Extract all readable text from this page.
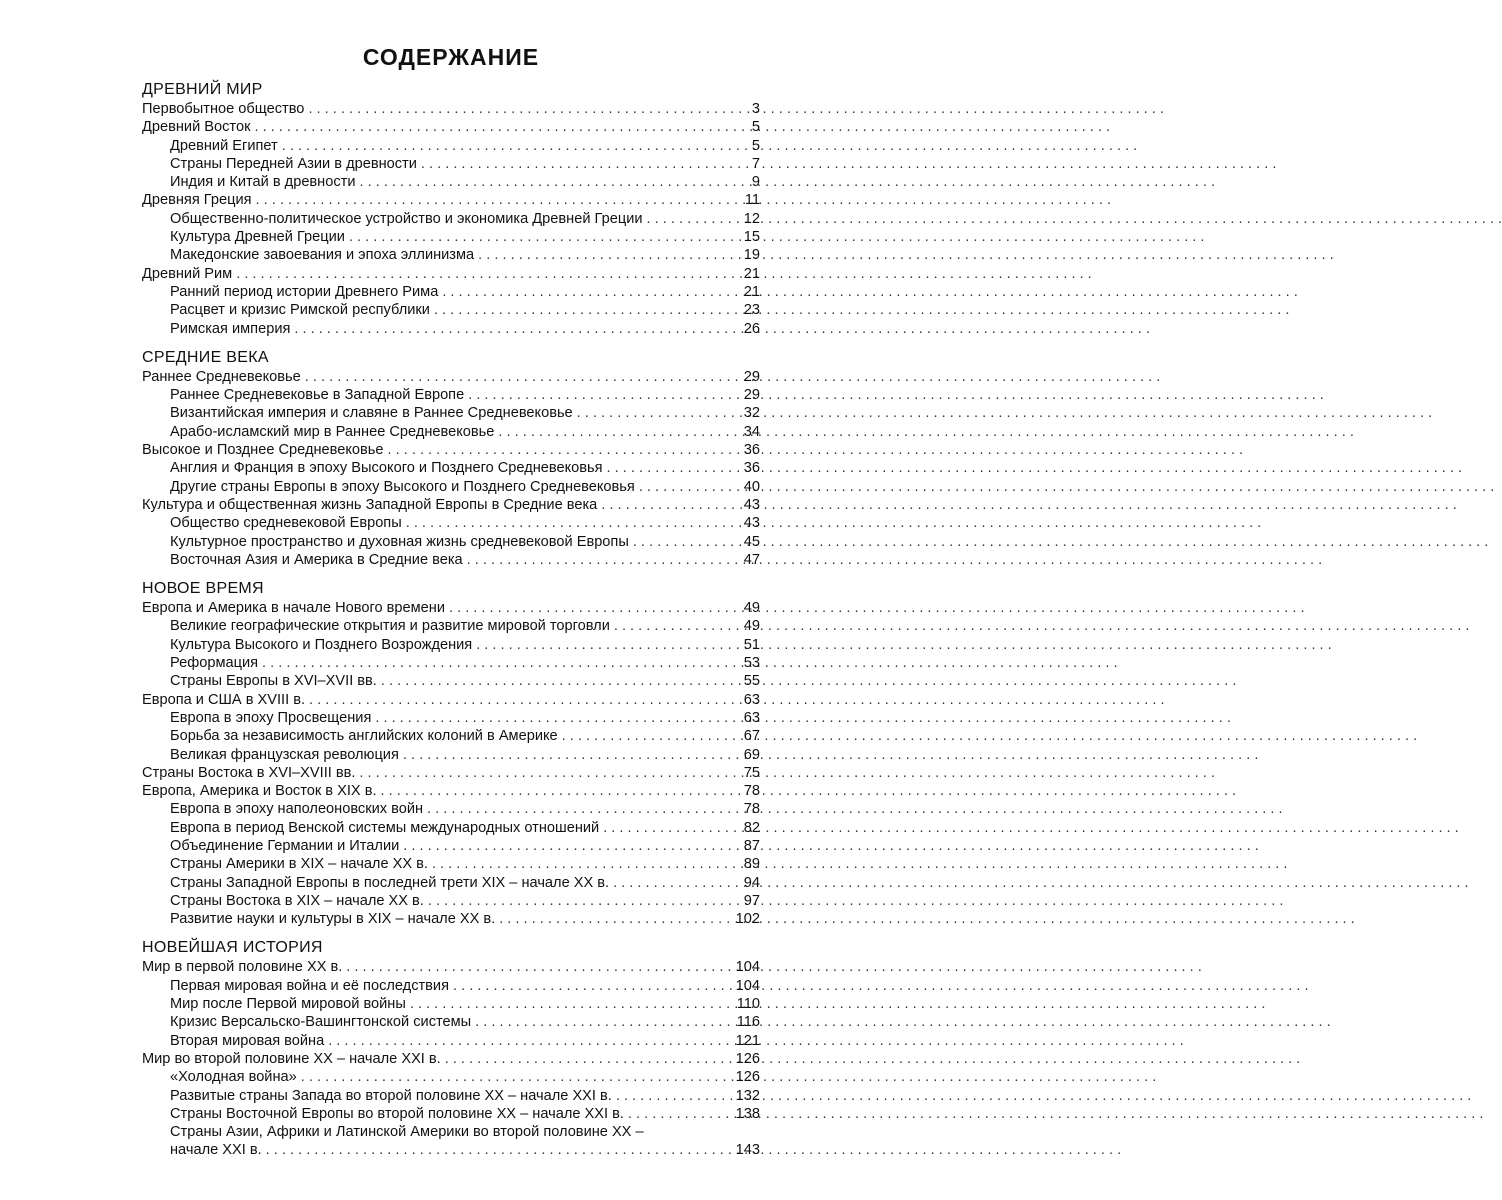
СОДЕРЖАНИЕ
ДРЕВНИЙ МИР
Первобытное общество . . .	3
Древний Восток . . .	5
Древний Египет . . .	5
Страны Передней Азии в древности . . .	7
Индия и Китай в древности . . .	9
Древняя Греция . . .	11
Общественно-политическое устройство и экономика Древней Греции . . .	12
Культура Древней Греции . . .	15
Македонские завоевания и эпоха эллинизма . . .	19
Древний Рим . . .	21
Ранний период истории Древнего Рима . . .	21
Расцвет и кризис Римской республики . . .	23
Римская империя . . .	26
СРЕДНИЕ ВЕКА
Раннее Средневековье . . .	29
Раннее Средневековье в Западной Европе . . .	29
Византийская империя и славяне в Раннее Средневековье . . .	32
Арабо-исламский мир в Раннее Средневековье . . .	34
Высокое и Позднее Средневековье . . .	36
Англия и Франция в эпоху Высокого и Позднего Средневековья . . .	36
Другие страны Европы в эпоху Высокого и Позднего Средневековья . . .	40
Культура и общественная жизнь Западной Европы в Средние века . . .	43
Общество средневековой Европы . . .	43
Культурное пространство и духовная жизнь средневековой Европы . . .	45
Восточная Азия и Америка в Средние века . . .	47
НОВОЕ ВРЕМЯ
Европа и Америка в начале Нового времени . . .	49
Великие географические открытия и развитие мировой торговли . . .	49
Культура Высокого и Позднего Возрождения . . .	51
Реформация . . .	53
Страны Европы в XVI–XVII вв. . . .	55
Европа и США в XVIII в. . . .	63
Европа в эпоху Просвещения . . .	63
Борьба за независимость английских колоний в Америке . . .	67
Великая французская революция . . .	69
Страны Востока в XVI–XVIII вв. . . .	75
Европа, Америка и Восток в XIX в. . . .	78
Европа в эпоху наполеоновских войн . . .	78
Европа в период Венской системы международных отношений . . .	82
Объединение Германии и Италии . . .	87
Страны Америки в XIX – начале XX в. . . .	89
Страны Западной Европы в последней трети XIX – начале XX в. . . .	94
Страны Востока в XIX – начале XX в. . . .	97
Развитие науки и культуры в XIX – начале XX в. . . .	102
НОВЕЙШАЯ ИСТОРИЯ
Мир в первой половине XX в. . . .	104
Первая мировая война и её последствия . . .	104
Мир после Первой мировой войны . . .	110
Кризис Версальско-Вашингтонской системы . . .	116
Вторая мировая война . . .	121
Мир во второй половине XX – начале XXI в. . . .	126
«Холодная война» . . .	126
Развитые страны Запада во второй половине XX – начале XXI в. . . .	132
Страны Восточной Европы во второй половине XX – начале XXI в. . . .	138
Страны Азии, Африки и Латинской Америки во второй половине XX –
начале XXI в. . . .	143
